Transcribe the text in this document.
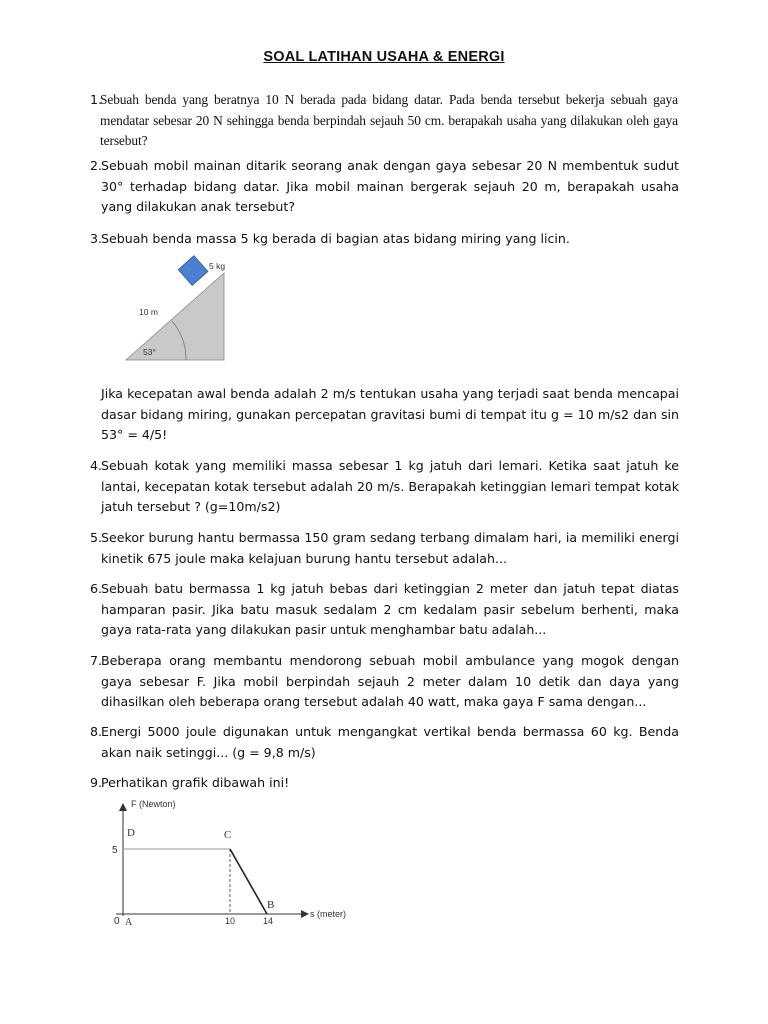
SOAL LATIHAN USAHA & ENERGI
1.
Sebuah benda yang beratnya 10 N berada pada bidang datar. Pada benda tersebut bekerja sebuah gaya mendatar sebesar 20 N sehingga benda berpindah sejauh 50 cm. berapakah usaha yang dilakukan oleh gaya tersebut?
2.
Sebuah mobil mainan ditarik seorang anak dengan gaya sebesar 20 N membentuk sudut 30° terhadap bidang datar. Jika mobil mainan bergerak sejauh 20 m, berapakah usaha yang dilakukan anak tersebut?
3.
Sebuah benda massa 5 kg berada di bagian atas bidang miring yang licin.
5 kg
10 m
53°
Jika kecepatan awal benda adalah 2 m/s tentukan usaha yang terjadi saat benda mencapai dasar bidang miring, gunakan percepatan gravitasi bumi di tempat itu g = 10 m/s2 dan sin 53° = 4/5!
4.
Sebuah kotak yang memiliki massa sebesar 1 kg jatuh dari lemari. Ketika saat jatuh ke lantai, kecepatan kotak tersebut adalah 20 m/s. Berapakah ketinggian lemari tempat kotak jatuh tersebut ? (g=10m/s2)
5.
Seekor burung hantu bermassa 150 gram sedang terbang dimalam hari, ia memiliki energi kinetik 675 joule maka kelajuan burung hantu tersebut adalah...
6.
Sebuah batu bermassa 1 kg jatuh bebas dari ketinggian 2 meter dan jatuh tepat diatas hamparan pasir. Jika batu masuk sedalam 2 cm kedalam pasir sebelum berhenti, maka gaya rata-rata yang dilakukan pasir untuk menghambar batu adalah...
7.
Beberapa orang membantu mendorong sebuah mobil ambulance yang mogok dengan gaya sebesar F. Jika mobil berpindah sejauh 2 meter dalam 10 detik dan daya yang dihasilkan oleh beberapa orang tersebut adalah 40 watt, maka gaya F sama dengan...
8.
Energi 5000 joule digunakan untuk mengangkat vertikal benda bermassa 60 kg. Benda akan naik setinggi... (g = 9,8 m/s)
9.
Perhatikan grafik dibawah ini!
F (Newton)
s (meter)
5
0 A
D	C
B
10	14
